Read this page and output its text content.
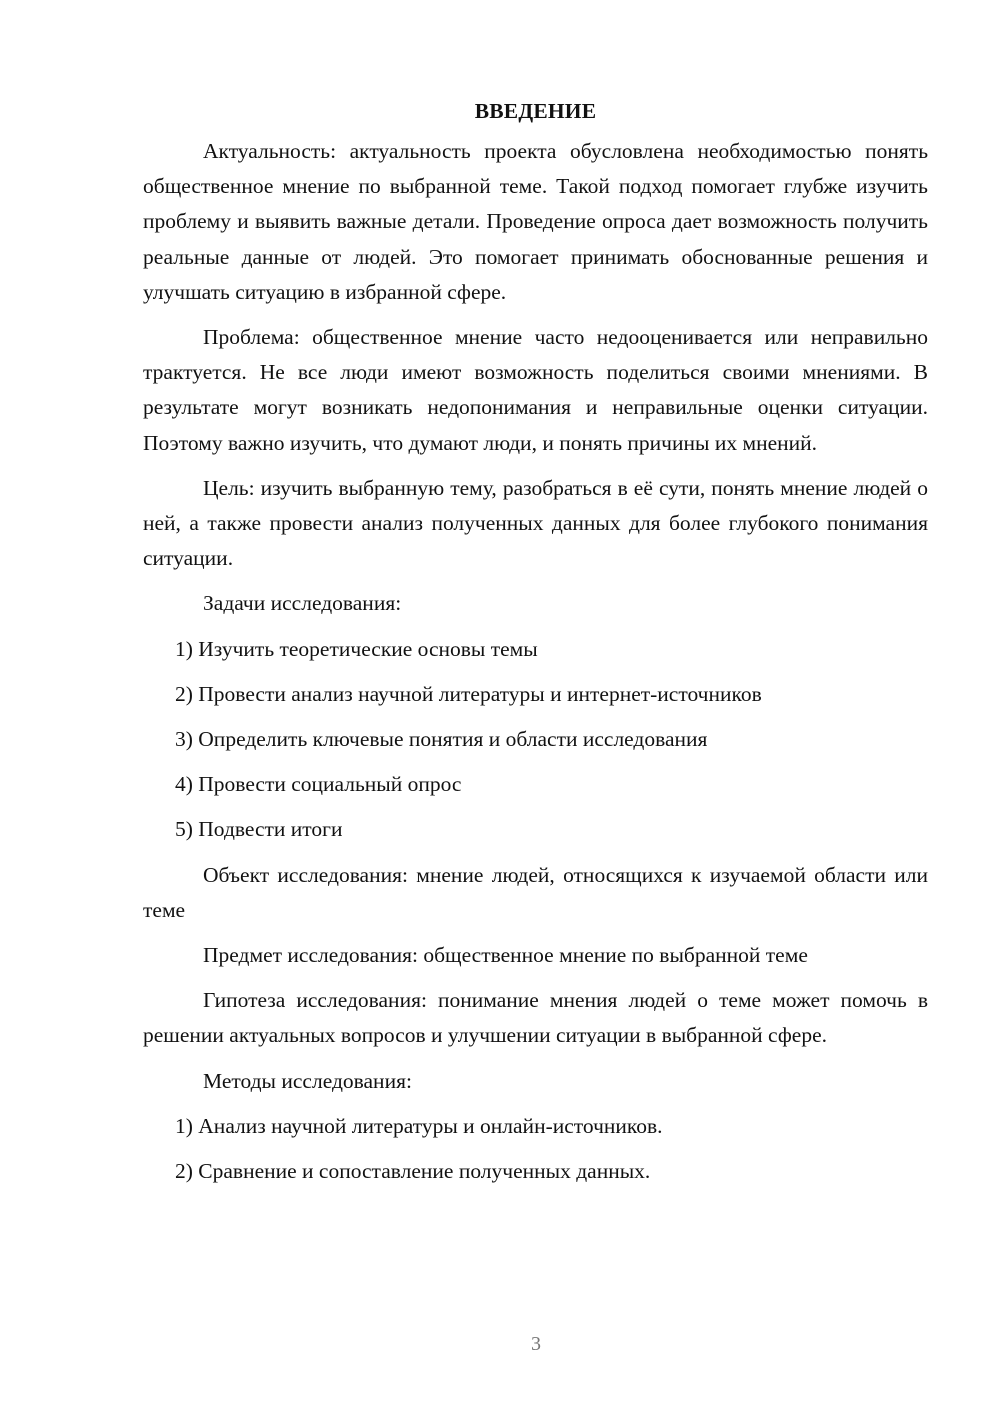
ВВЕДЕНИЕ

Актуальность: актуальность проекта обусловлена необходимостью понять общественное мнение по выбранной теме. Такой подход помогает глубже изучить проблему и выявить важные детали. Проведение опроса дает возможность получить реальные данные от людей. Это помогает принимать обоснованные решения и улучшать ситуацию в избранной сфере.

Проблема: общественное мнение часто недооценивается или неправильно трактуется. Не все люди имеют возможность поделиться своими мнениями. В результате могут возникать недопонимания и неправильные оценки ситуации. Поэтому важно изучить, что думают люди, и понять причины их мнений.

Цель: изучить выбранную тему, разобраться в её сути, понять мнение людей о ней, а также провести анализ полученных данных для более глубокого понимания ситуации.

Задачи исследования:

1) Изучить теоретические основы темы

2) Провести анализ научной литературы и интернет-источников

3) Определить ключевые понятия и области исследования

4) Провести социальный опрос

5) Подвести итоги

Объект исследования: мнение людей, относящихся к изучаемой области или теме

Предмет исследования: общественное мнение по выбранной теме

Гипотеза исследования: понимание мнения людей о теме может помочь в решении актуальных вопросов и улучшении ситуации в выбранной сфере.

Методы исследования:

1) Анализ научной литературы и онлайн-источников.

2) Сравнение и сопоставление полученных данных.

3
